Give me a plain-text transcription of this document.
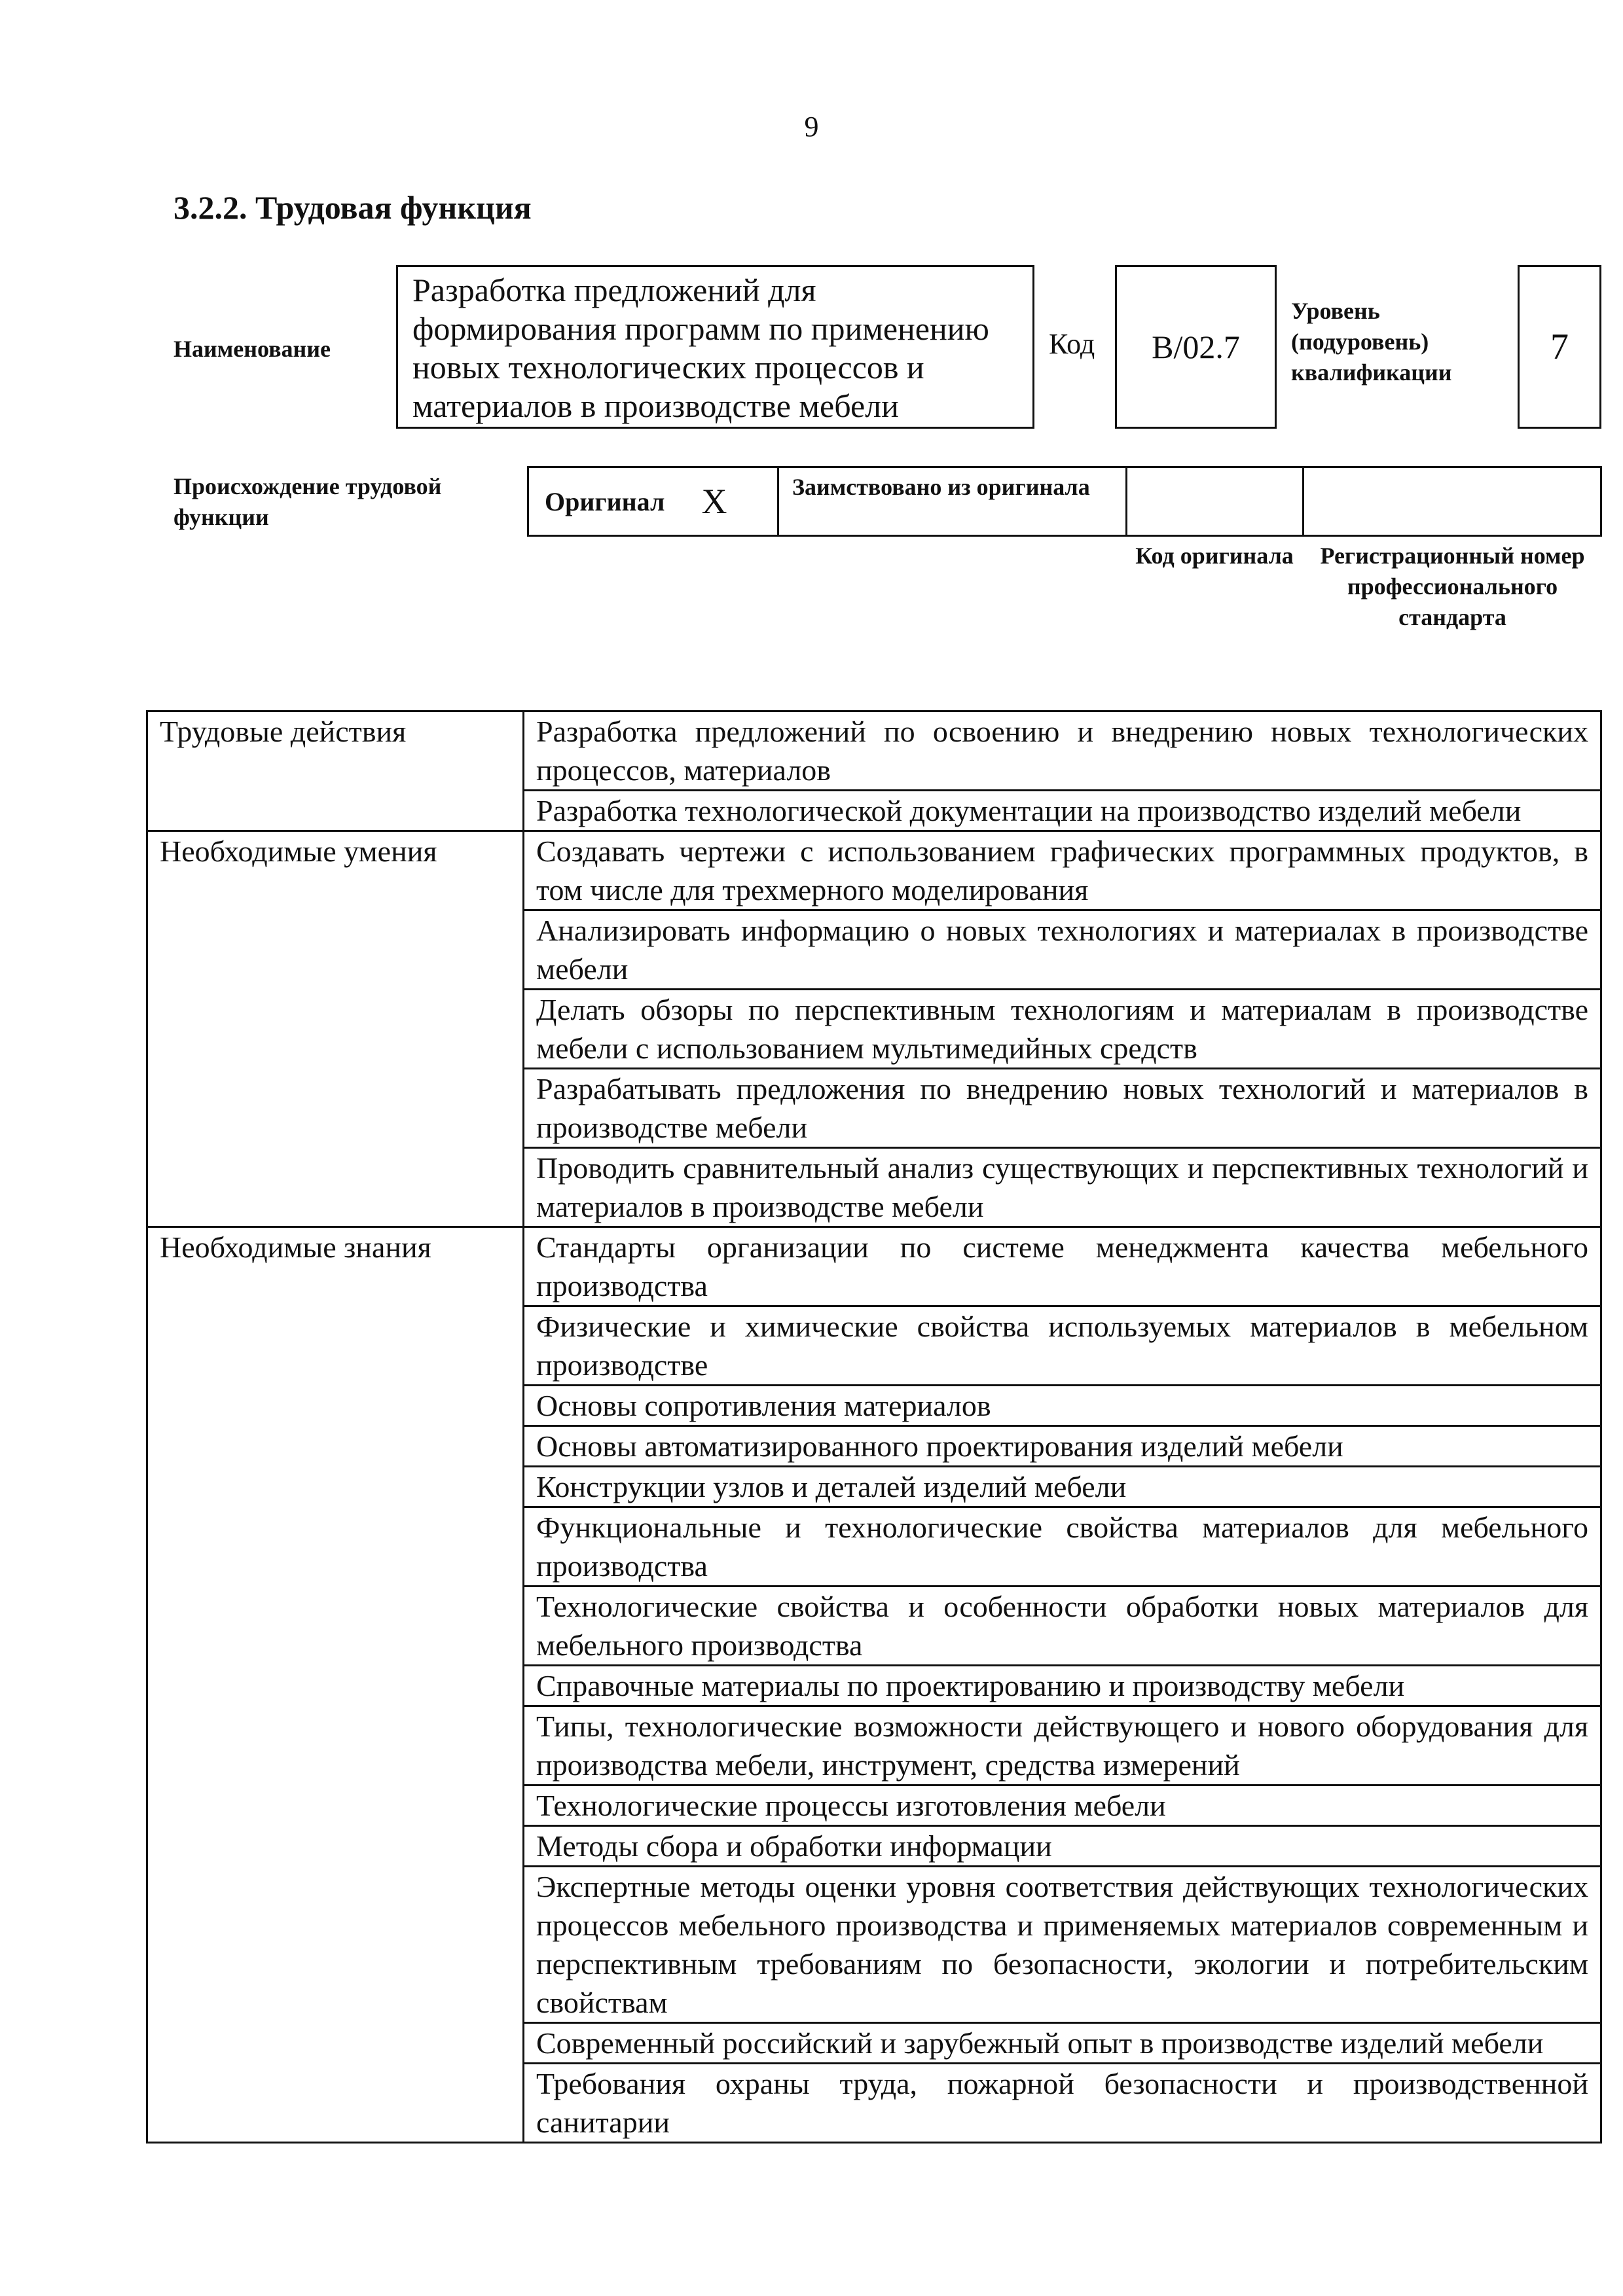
9
3.2.2. Трудовая функция
Наименование
Разработка предложений для формирования программ по применению новых технологических процессов и материалов в производстве мебели
Код	B/02.7
Уровень (подуровень) квалификации
7
Происхождение трудовой функции
Оригинал X	Заимствовано из оригинала
Код оригинала	Регистрационный номер профессионального стандарта
Трудовые действия	Разработка предложений по освоению и внедрению новых технологических процессов, материалов
	Разработка технологической документации на производство изделий мебели
Необходимые умения	Создавать чертежи с использованием графических программных продуктов, в том числе для трехмерного моделирования
	Анализировать информацию о новых технологиях и материалах в производстве мебели
	Делать обзоры по перспективным технологиям и материалам в производстве мебели с использованием мультимедийных средств
	Разрабатывать предложения по внедрению новых технологий и материалов в производстве мебели
	Проводить сравнительный анализ существующих и перспективных технологий и материалов в производстве мебели
Необходимые знания	Стандарты организации по системе менеджмента качества мебельного производства
	Физические и химические свойства используемых материалов в мебельном производстве
	Основы сопротивления материалов
	Основы автоматизированного проектирования изделий мебели
	Конструкции узлов и деталей изделий мебели
	Функциональные и технологические свойства материалов для мебельного производства
	Технологические свойства и особенности обработки новых материалов для мебельного производства
	Справочные материалы по проектированию и производству мебели
	Типы, технологические возможности действующего и нового оборудования для производства мебели, инструмент, средства измерений
	Технологические процессы изготовления мебели
	Методы сбора и обработки информации
	Экспертные методы оценки уровня соответствия действующих технологических процессов мебельного производства и применяемых материалов современным и перспективным требованиям по безопасности, экологии и потребительским свойствам
	Современный российский и зарубежный опыт в производстве изделий мебели
	Требования охраны труда, пожарной безопасности и производственной санитарии
